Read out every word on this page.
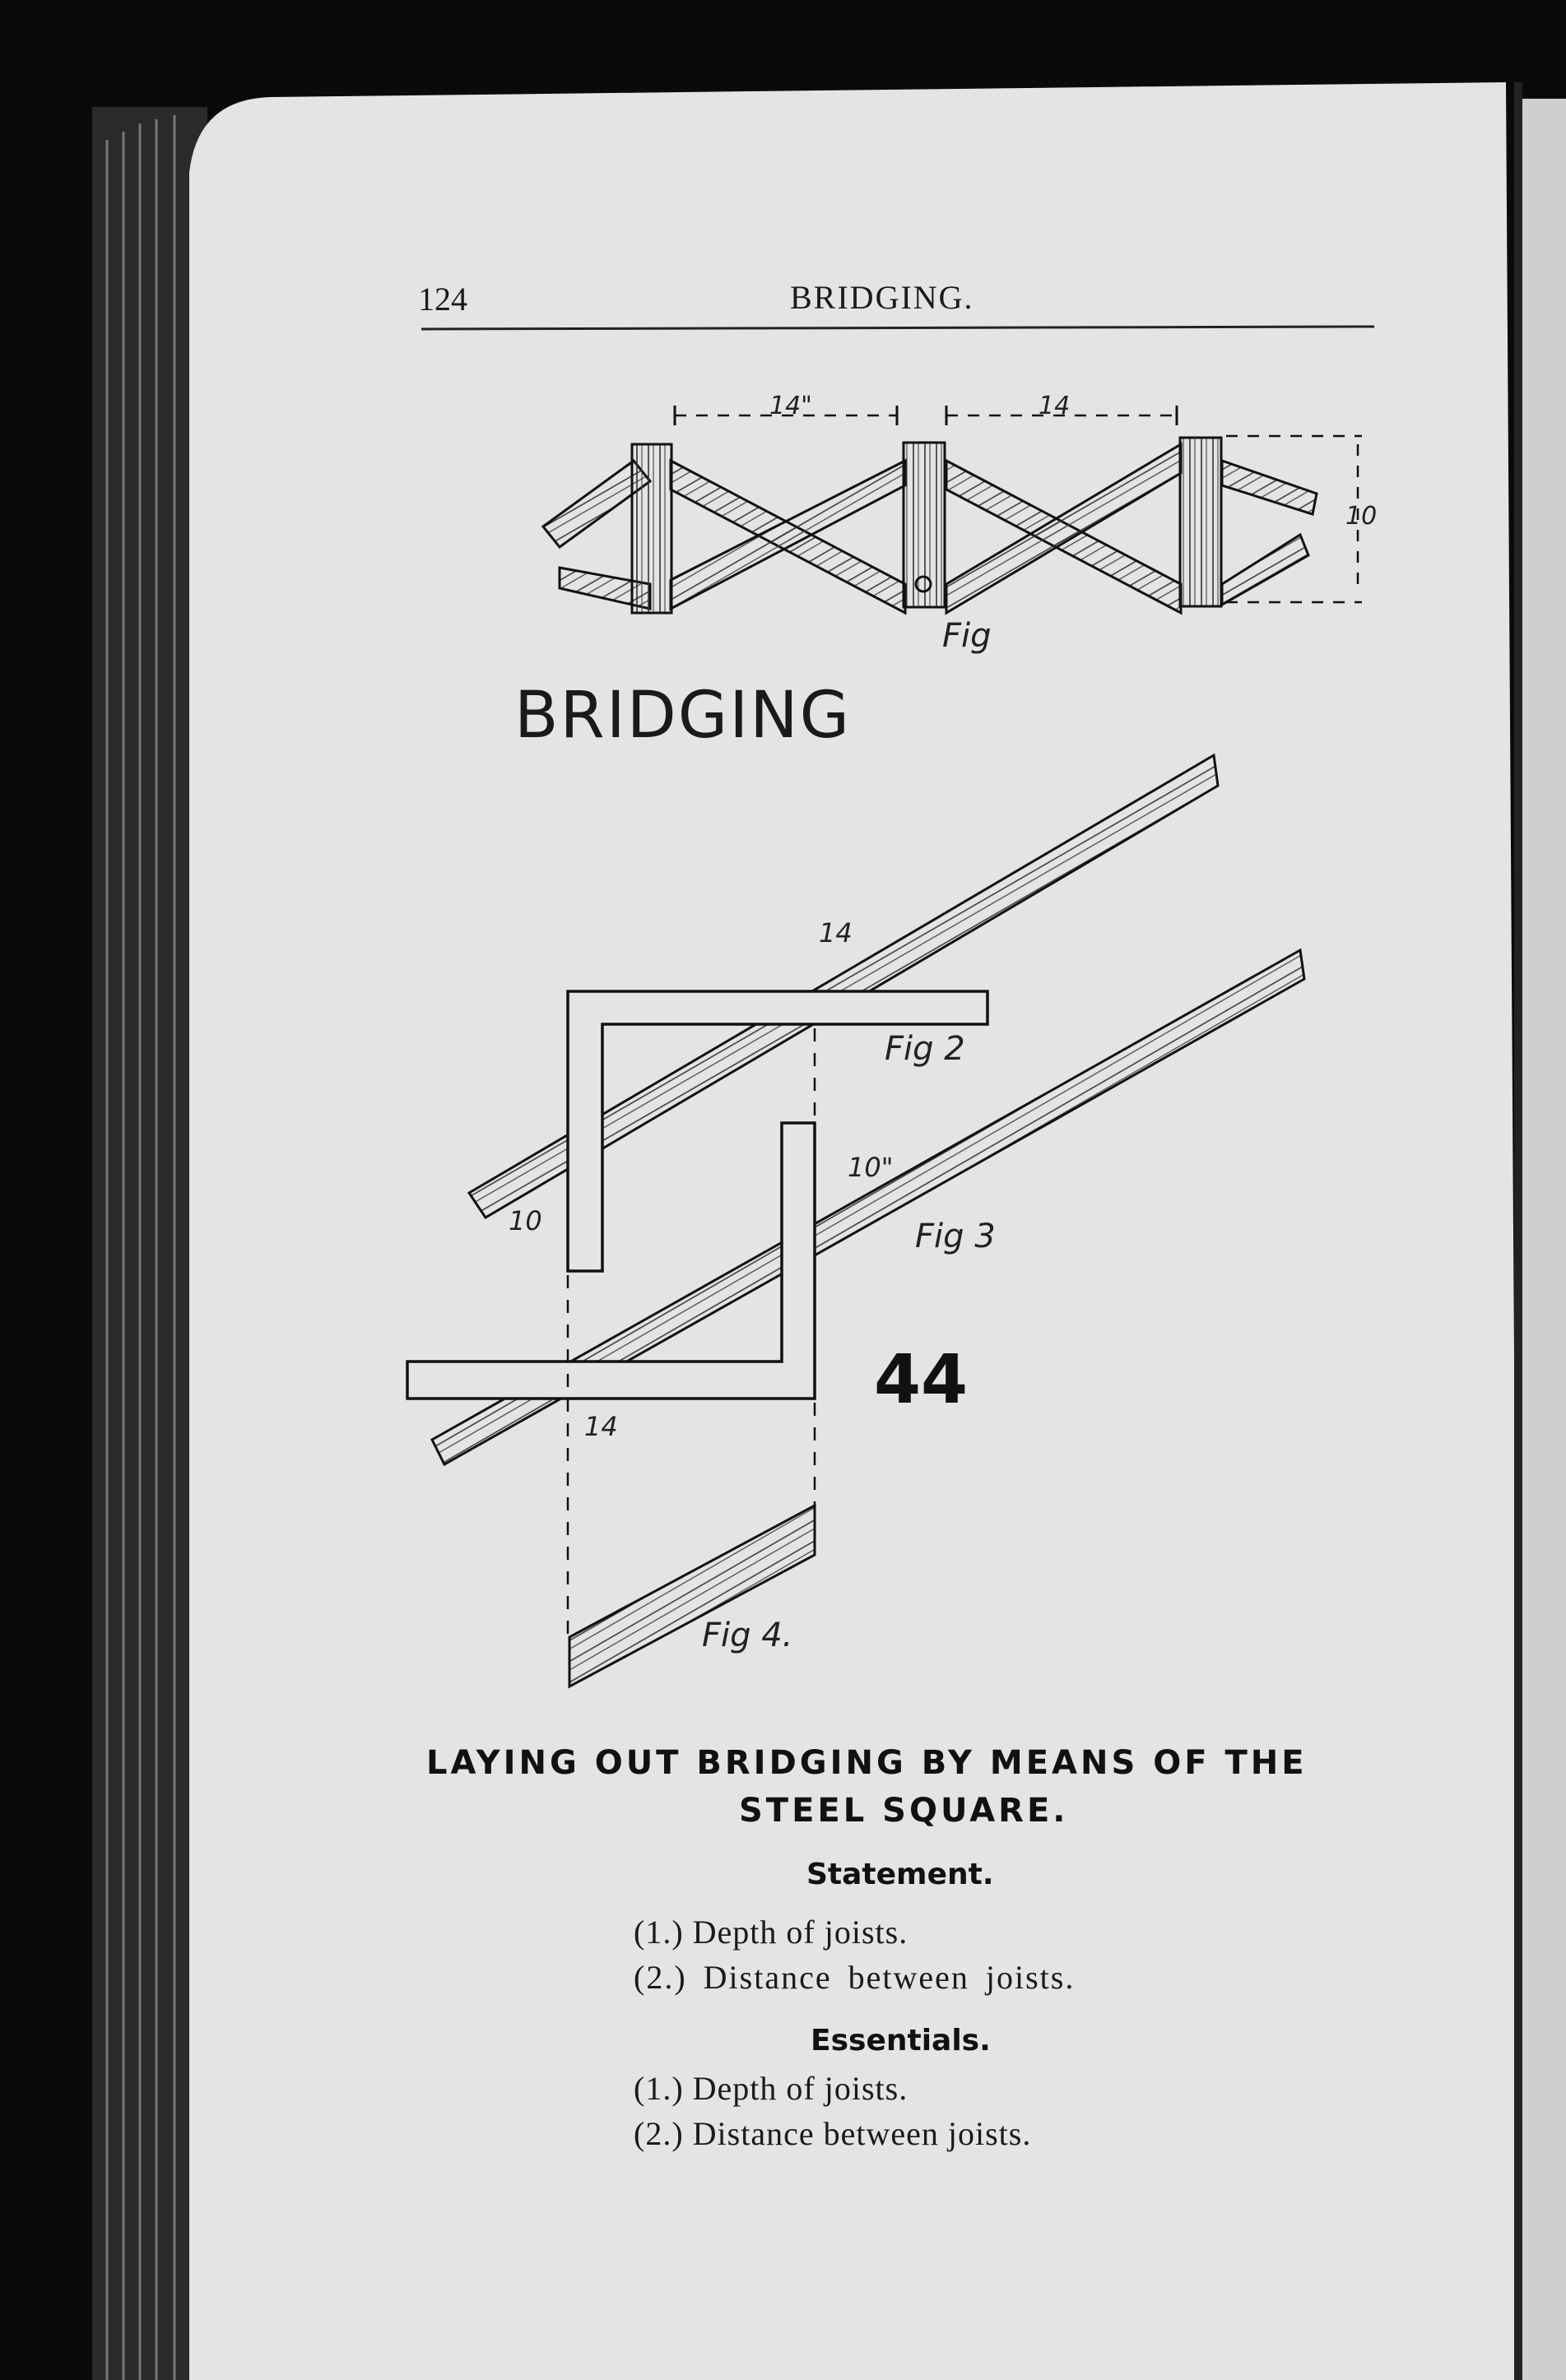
124	BRIDGING.
14"	14
10
Fig
BRIDGING
14
Fig 2
10
10"
Fig 3
14
44
Fig 4.
LAYING OUT BRIDGING BY MEANS OF THE
STEEL SQUARE.
Statement.
(1.) Depth of joists.
(2.) Distance between joists.
Essentials.
(1.) Depth of joists.
(2.) Distance between joists.
